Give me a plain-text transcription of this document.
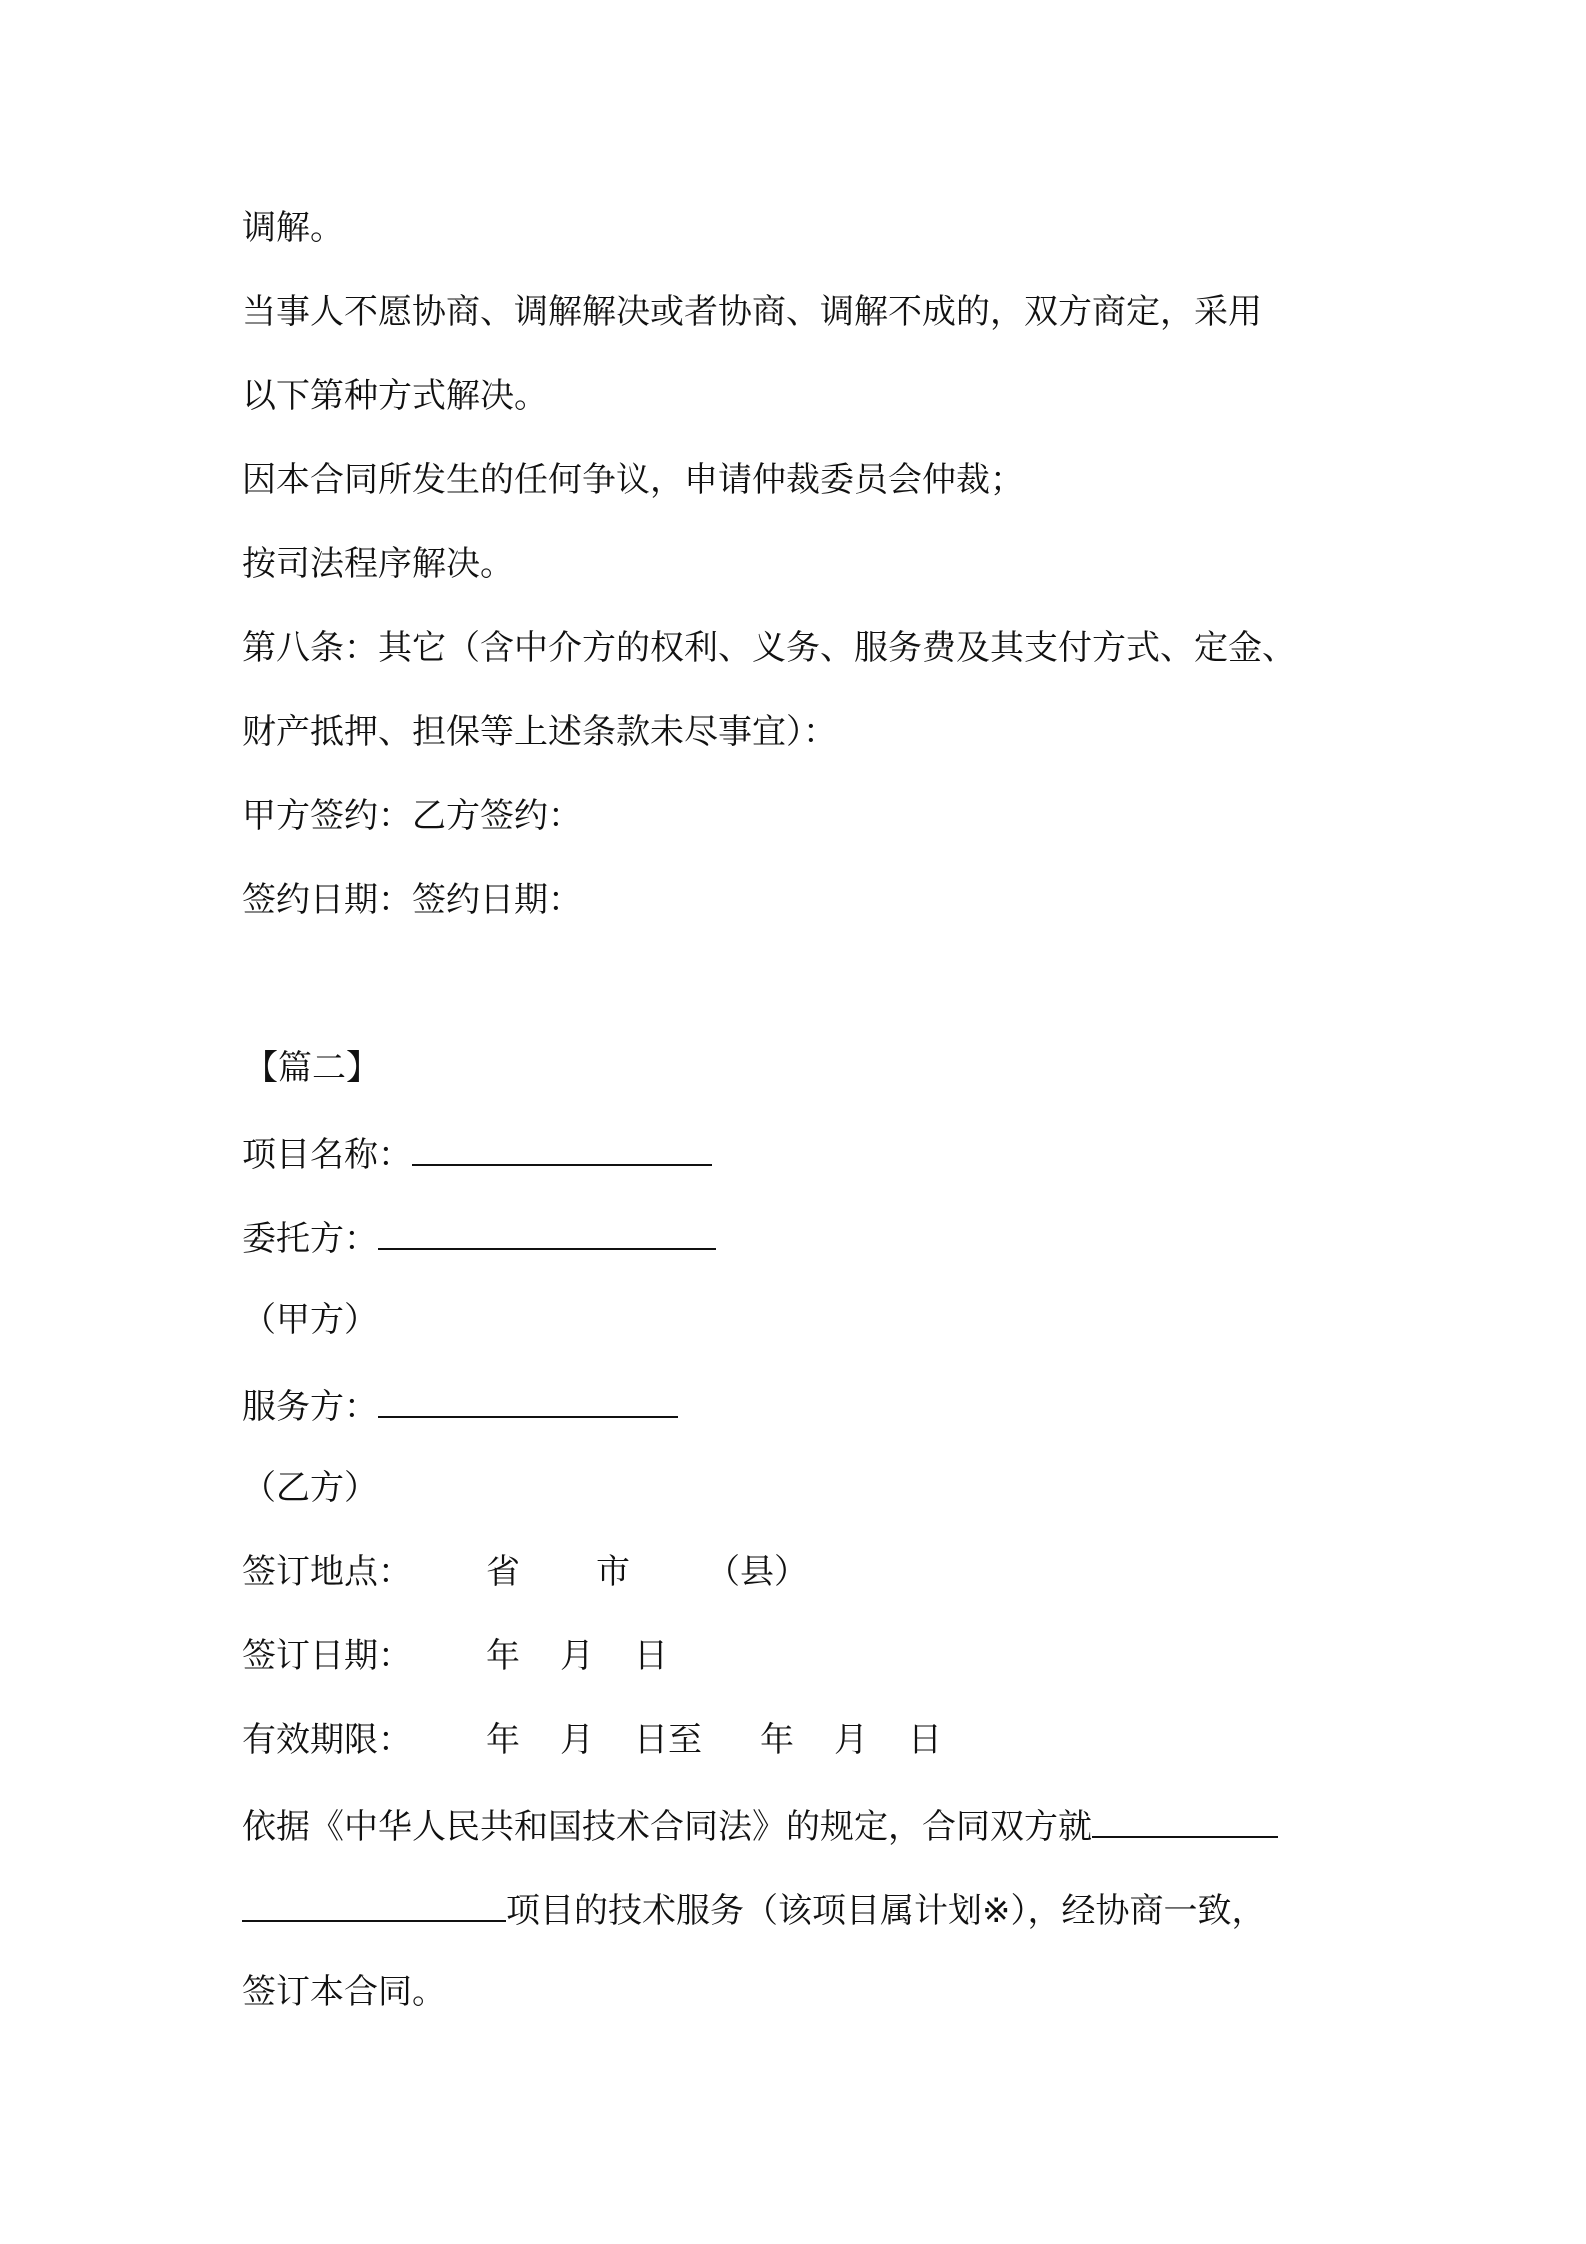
调解。

当事人不愿协商、调解解决或者协商、调解不成的，双方商定，采用

以下第种方式解决。

因本合同所发生的任何争议，申请仲裁委员会仲裁；

按司法程序解决。

第八条：其它（含中介方的权利、义务、服务费及其支付方式、定金、

财产抵押、担保等上述条款未尽事宜）：

甲方签约：乙方签约：

签约日期：签约日期：

【篇二】

项目名称：

委托方：

（甲方）

服务方：

（乙方）

签订地点： 省 市 （县）

签订日期： 年 月 日

有效期限： 年 月 日至 年 月 日

依据《中华人民共和国技术合同法》的规定，合同双方就

项目的技术服务（该项目属计划※），经协商一致，

签订本合同。
